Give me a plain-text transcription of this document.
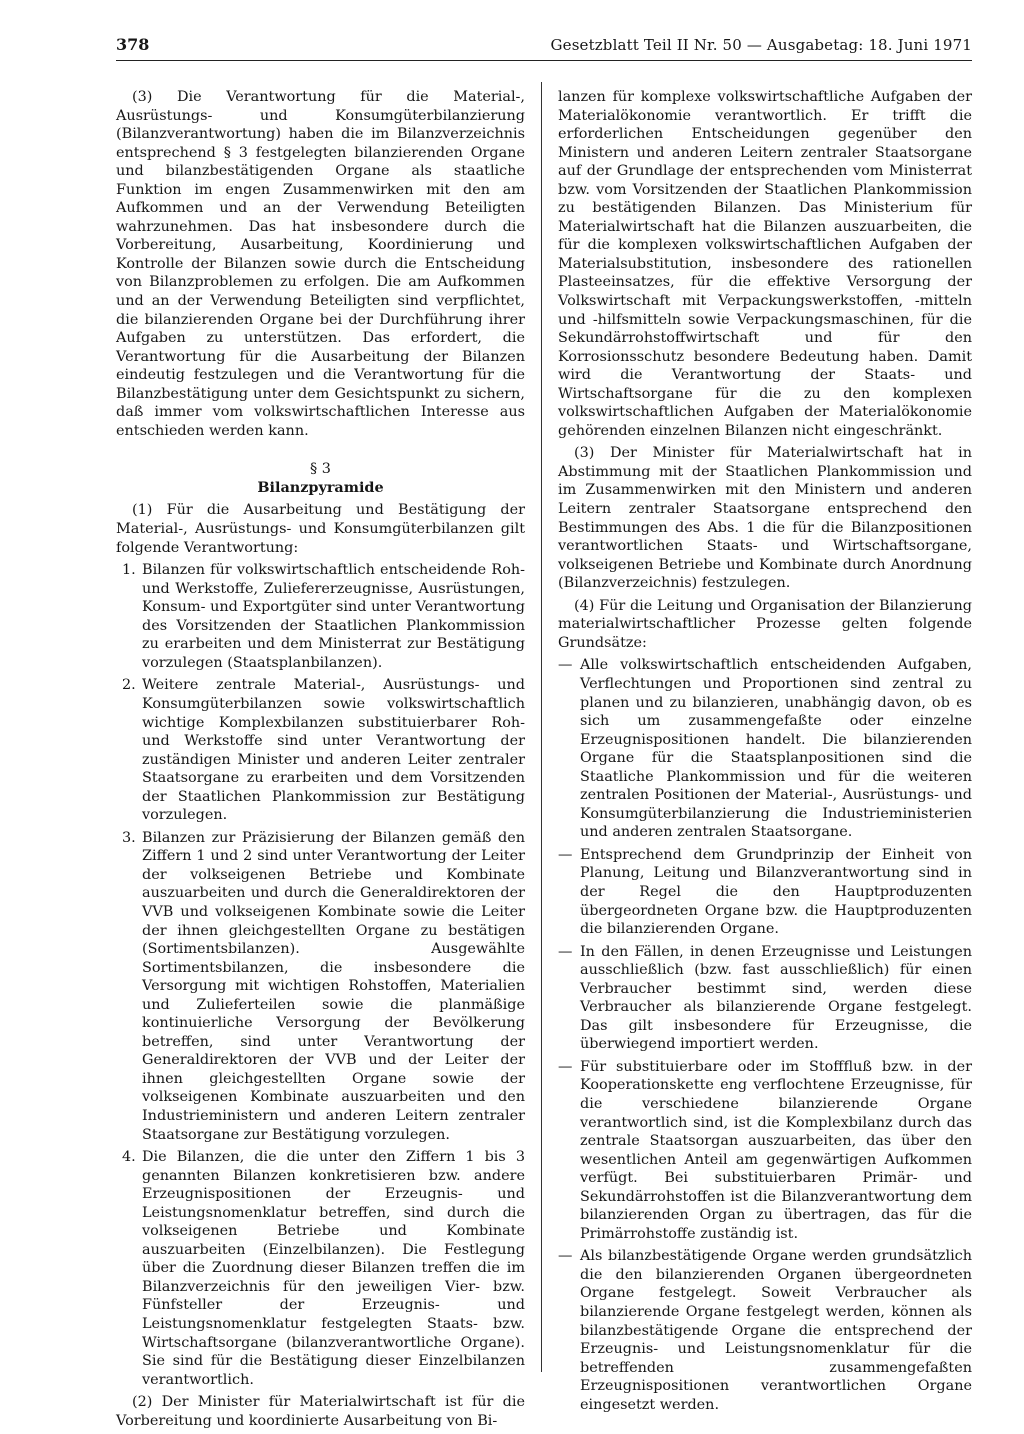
378	Gesetzblatt Teil II Nr. 50 — Ausgabetag: 18. Juni 1971

(3) Die Verantwortung für die Material-, Ausrüstungs- und Konsumgüterbilanzierung (Bilanzverantwortung) haben die im Bilanzverzeichnis entsprechend § 3 festgelegten bilanzierenden Organe und bilanzbestätigenden Organe als staatliche Funktion im engen Zusammenwirken mit den am Aufkommen und an der Verwendung Beteiligten wahrzunehmen. Das hat insbesondere durch die Vorbereitung, Ausarbeitung, Koordinierung und Kontrolle der Bilanzen sowie durch die Entscheidung von Bilanzproblemen zu erfolgen. Die am Aufkommen und an der Verwendung Beteiligten sind verpflichtet, die bilanzierenden Organe bei der Durchführung ihrer Aufgaben zu unterstützen. Das erfordert, die Verantwortung für die Ausarbeitung der Bilanzen eindeutig festzulegen und die Verantwortung für die Bilanzbestätigung unter dem Gesichtspunkt zu sichern, daß immer vom volkswirtschaftlichen Interesse aus entschieden werden kann.

§ 3
Bilanzpyramide

(1) Für die Ausarbeitung und Bestätigung der Material-, Ausrüstungs- und Konsumgüterbilanzen gilt folgende Verantwortung:

1. Bilanzen für volkswirtschaftlich entscheidende Roh- und Werkstoffe, Zuliefererzeugnisse, Ausrüstungen, Konsum- und Exportgüter sind unter Verantwortung des Vorsitzenden der Staatlichen Plankommission zu erarbeiten und dem Ministerrat zur Bestätigung vorzulegen (Staatsplanbilanzen).
2. Weitere zentrale Material-, Ausrüstungs- und Konsumgüterbilanzen sowie volkswirtschaftlich wichtige Komplexbilanzen substituierbarer Roh- und Werkstoffe sind unter Verantwortung der zuständigen Minister und anderen Leiter zentraler Staatsorgane zu erarbeiten und dem Vorsitzenden der Staatlichen Plankommission zur Bestätigung vorzulegen.
3. Bilanzen zur Präzisierung der Bilanzen gemäß den Ziffern 1 und 2 sind unter Verantwortung der Leiter der volkseigenen Betriebe und Kombinate auszuarbeiten und durch die Generaldirektoren der VVB und volkseigenen Kombinate sowie die Leiter der ihnen gleichgestellten Organe zu bestätigen (Sortimentsbilanzen). Ausgewählte Sortimentsbilanzen, die insbesondere die Versorgung mit wichtigen Rohstoffen, Materialien und Zulieferteilen sowie die planmäßige kontinuierliche Versorgung der Bevölkerung betreffen, sind unter Verantwortung der Generaldirektoren der VVB und der Leiter der ihnen gleichgestellten Organe sowie der volkseigenen Kombinate auszuarbeiten und den Industrieministern und anderen Leitern zentraler Staatsorgane zur Bestätigung vorzulegen.
4. Die Bilanzen, die die unter den Ziffern 1 bis 3 genannten Bilanzen konkretisieren bzw. andere Erzeugnispositionen der Erzeugnis- und Leistungsnomenklatur betreffen, sind durch die volkseigenen Betriebe und Kombinate auszuarbeiten (Einzelbilanzen). Die Festlegung über die Zuordnung dieser Bilanzen treffen die im Bilanzverzeichnis für den jeweiligen Vier- bzw. Fünfsteller der Erzeugnis- und Leistungsnomenklatur festgelegten Staats- bzw. Wirtschaftsorgane (bilanzverantwortliche Organe). Sie sind für die Bestätigung dieser Einzelbilanzen verantwortlich.

(2) Der Minister für Materialwirtschaft ist für die Vorbereitung und koordinierte Ausarbeitung von Bi-

lanzen für komplexe volkswirtschaftliche Aufgaben der Materialökonomie verantwortlich. Er trifft die erforderlichen Entscheidungen gegenüber den Ministern und anderen Leitern zentraler Staatsorgane auf der Grundlage der entsprechenden vom Ministerrat bzw. vom Vorsitzenden der Staatlichen Plankommission zu bestätigenden Bilanzen. Das Ministerium für Materialwirtschaft hat die Bilanzen auszuarbeiten, die für die komplexen volkswirtschaftlichen Aufgaben der Materialsubstitution, insbesondere des rationellen Plasteeinsatzes, für die effektive Versorgung der Volkswirtschaft mit Verpackungswerkstoffen, -mitteln und -hilfsmitteln sowie Verpackungsmaschinen, für die Sekundärrohstoffwirtschaft und für den Korrosionsschutz besondere Bedeutung haben. Damit wird die Verantwortung der Staats- und Wirtschaftsorgane für die zu den komplexen volkswirtschaftlichen Aufgaben der Materialökonomie gehörenden einzelnen Bilanzen nicht eingeschränkt.

(3) Der Minister für Materialwirtschaft hat in Abstimmung mit der Staatlichen Plankommission und im Zusammenwirken mit den Ministern und anderen Leitern zentraler Staatsorgane entsprechend den Bestimmungen des Abs. 1 die für die Bilanzpositionen verantwortlichen Staats- und Wirtschaftsorgane, volkseigenen Betriebe und Kombinate durch Anordnung (Bilanzverzeichnis) festzulegen.

(4) Für die Leitung und Organisation der Bilanzierung materialwirtschaftlicher Prozesse gelten folgende Grundsätze:

— Alle volkswirtschaftlich entscheidenden Aufgaben, Verflechtungen und Proportionen sind zentral zu planen und zu bilanzieren, unabhängig davon, ob es sich um zusammengefaßte oder einzelne Erzeugnispositionen handelt. Die bilanzierenden Organe für die Staatsplanpositionen sind die Staatliche Plankommission und für die weiteren zentralen Positionen der Material-, Ausrüstungs- und Konsumgüterbilanzierung die Industrieministerien und anderen zentralen Staatsorgane.
— Entsprechend dem Grundprinzip der Einheit von Planung, Leitung und Bilanzverantwortung sind in der Regel die den Hauptproduzenten übergeordneten Organe bzw. die Hauptproduzenten die bilanzierenden Organe.
— In den Fällen, in denen Erzeugnisse und Leistungen ausschließlich (bzw. fast ausschließlich) für einen Verbraucher bestimmt sind, werden diese Verbraucher als bilanzierende Organe festgelegt. Das gilt insbesondere für Erzeugnisse, die überwiegend importiert werden.
— Für substituierbare oder im Stofffluß bzw. in der Kooperationskette eng verflochtene Erzeugnisse, für die verschiedene bilanzierende Organe verantwortlich sind, ist die Komplexbilanz durch das zentrale Staatsorgan auszuarbeiten, das über den wesentlichen Anteil am gegenwärtigen Aufkommen verfügt. Bei substituierbaren Primär- und Sekundärrohstoffen ist die Bilanzverantwortung dem bilanzierenden Organ zu übertragen, das für die Primärrohstoffe zuständig ist.
— Als bilanzbestätigende Organe werden grundsätzlich die den bilanzierenden Organen übergeordneten Organe festgelegt. Soweit Verbraucher als bilanzierende Organe festgelegt werden, können als bilanzbestätigende Organe die entsprechend der Erzeugnis- und Leistungsnomenklatur für die betreffenden zusammengefaßten Erzeugnispositionen verantwortlichen Organe eingesetzt werden.
